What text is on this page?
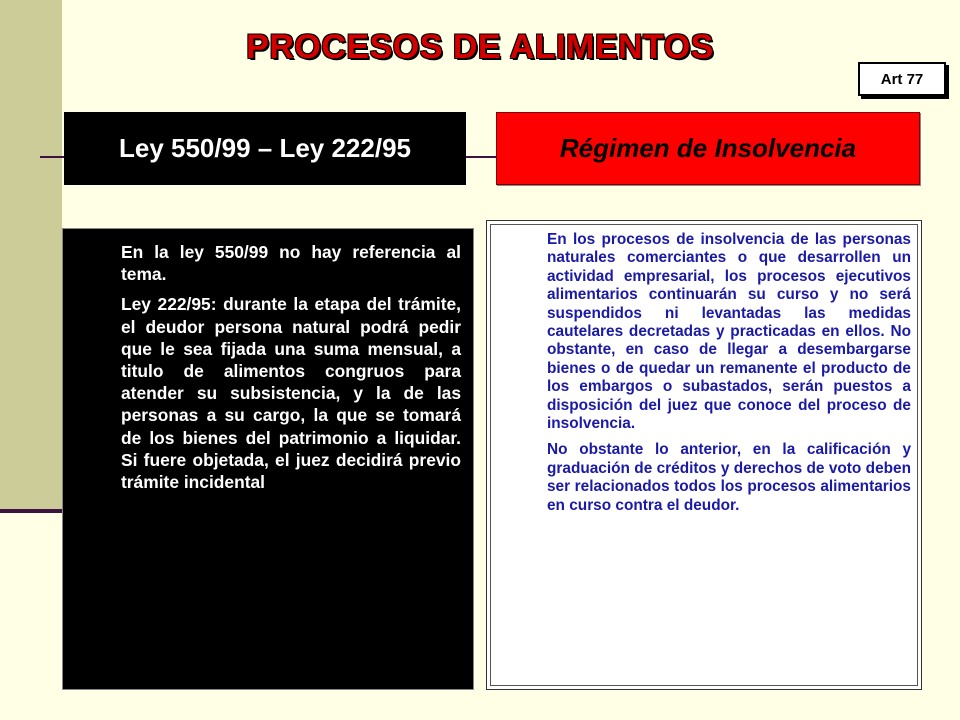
PROCESOS DE ALIMENTOS
Art 77
Ley 550/99 – Ley 222/95	Régimen de Insolvencia

En la ley 550/99 no hay referencia al tema.

Ley 222/95: durante la etapa del trámite, el deudor persona natural podrá pedir que le sea fijada una suma mensual, a titulo de alimentos congruos para atender su subsistencia, y la de las personas a su cargo, la que se tomará de los bienes del patrimonio a liquidar. Si fuere objetada, el juez decidirá previo trámite incidental

En los procesos de insolvencia de las personas naturales comerciantes o que desarrollen un actividad empresarial, los procesos ejecutivos alimentarios continuarán su curso y no será suspendidos ni levantadas las medidas cautelares decretadas y practicadas en ellos. No obstante, en caso de llegar a desembargarse bienes o de quedar un remanente el producto de los embargos o subastados, serán puestos a disposición del juez que conoce del proceso de insolvencia.

No obstante lo anterior, en la calificación y graduación de créditos y derechos de voto deben ser relacionados todos los procesos alimentarios en curso contra el deudor.
